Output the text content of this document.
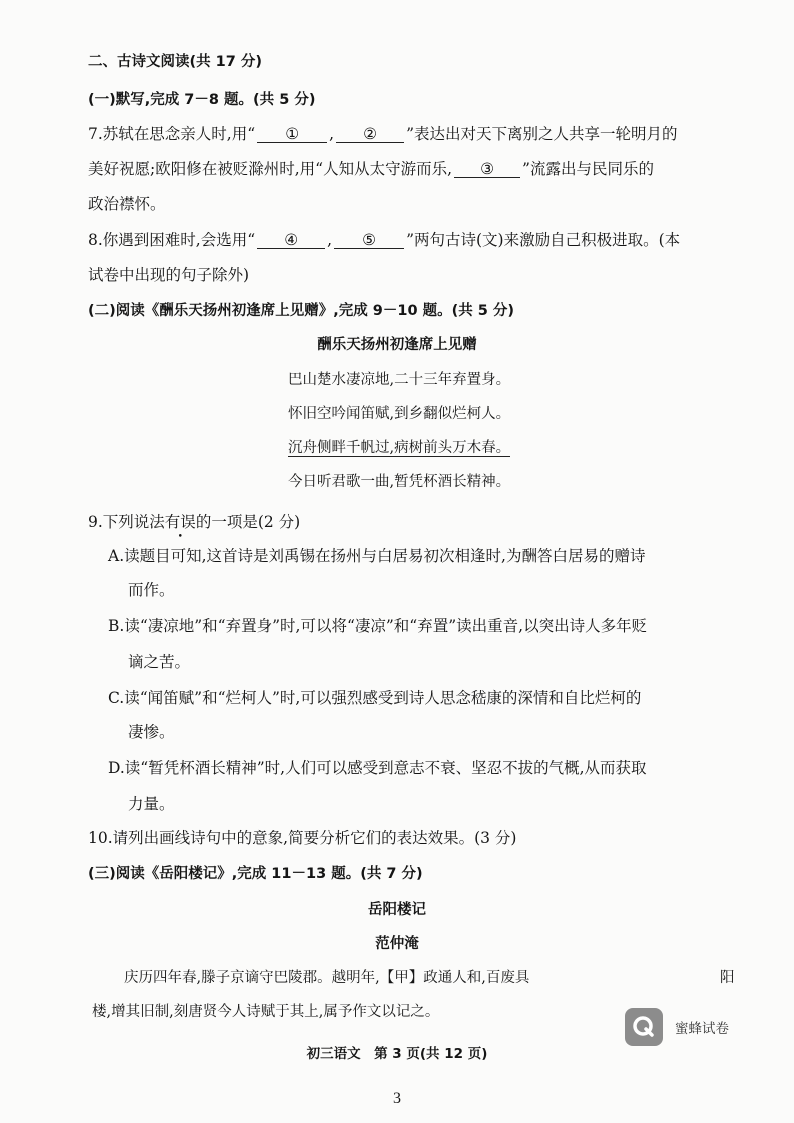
二、古诗文阅读(共 17 分)
(一)默写,完成 7－8 题。(共 5 分)
7.苏轼在思念亲人时,用“ ① , ② ”表达出对天下离别之人共享一轮明月的
美好祝愿;欧阳修在被贬滁州时,用“人知从太守游而乐, ③ ”流露出与民同乐的
政治襟怀。
8.你遇到困难时,会选用“ ④ , ⑤ ”两句古诗(文)来激励自己积极进取。(本
试卷中出现的句子除外)
(二)阅读《酬乐天扬州初逢席上见赠》,完成 9－10 题。(共 5 分)
酬乐天扬州初逢席上见赠
巴山楚水凄凉地,二十三年弃置身。
怀旧空吟闻笛赋,到乡翻似烂柯人。
沉舟侧畔千帆过,病树前头万木春。
今日听君歌一曲,暂凭杯酒长精神。
9.下列说法有误的一项是(2 分)
A.读题目可知,这首诗是刘禹锡在扬州与白居易初次相逢时,为酬答白居易的赠诗
而作。
B.读“凄凉地”和“弃置身”时,可以将“凄凉”和“弃置”读出重音,以突出诗人多年贬
谪之苦。
C.读“闻笛赋”和“烂柯人”时,可以强烈感受到诗人思念嵇康的深情和自比烂柯的
凄惨。
D.读“暂凭杯酒长精神”时,人们可以感受到意志不衰、坚忍不拔的气概,从而获取
力量。
10.请列出画线诗句中的意象,简要分析它们的表达效果。(3 分)
(三)阅读《岳阳楼记》,完成 11－13 题。(共 7 分)
岳阳楼记
范仲淹
庆历四年春,滕子京谪守巴陵郡。越明年,【甲】政通人和,百废具	阳
楼,增其旧制,刻唐贤今人诗赋于其上,属予作文以记之。
蜜蜂试卷
初三语文　第 3 页(共 12 页)
3
